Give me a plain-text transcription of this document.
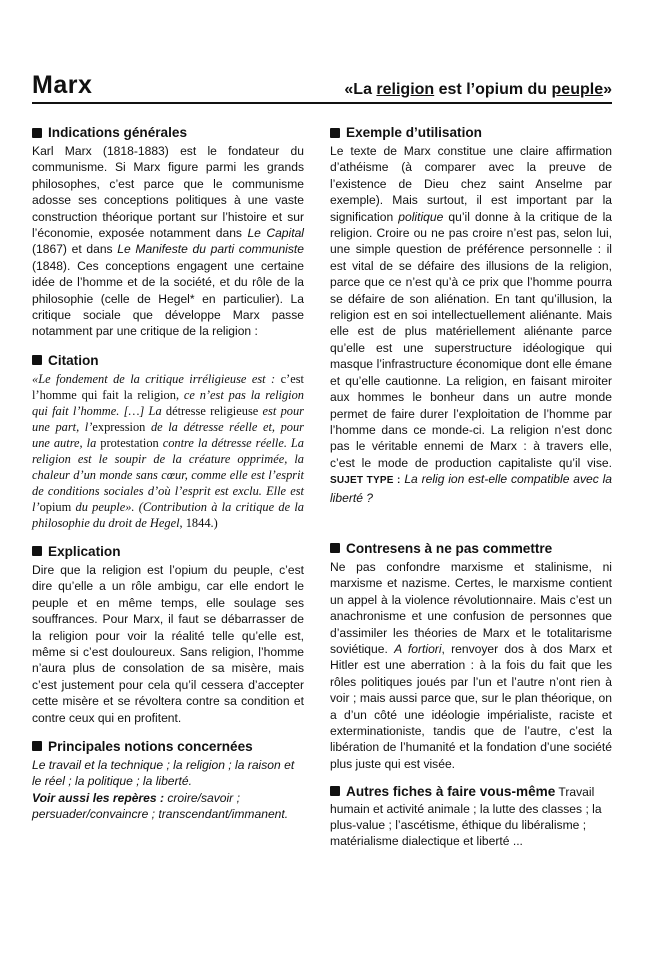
Marx	«La religion est l’opium du peuple»
Indications générales

Karl Marx (1818-1883) est le fondateur du communisme. Si Marx figure parmi les grands philosophes, c’est parce que le communisme adosse ses conceptions politiques à une vaste construction théorique portant sur l’histoire et sur l’économie, exposée notamment dans Le Capital (1867) et dans Le Manifeste du parti communiste (1848). Ces conceptions engagent une certaine idée de l’homme et de la société, et du rôle de la philosophie (celle de Hegel* en particulier). La critique sociale que développe Marx passe notamment par une critique de la religion :

Citation

«Le fondement de la critique irréligieuse est : c’est l’homme qui fait la religion, ce n’est pas la religion qui fait l’homme. […] La détresse religieuse est pour une part, l’expression de la détresse réelle et, pour une autre, la protestation contre la détresse réelle. La religion est le soupir de la créature opprimée, la chaleur d’un monde sans cœur, comme elle est l’esprit de conditions sociales d’où l’esprit est exclu. Elle est l’opium du peuple». (Contribution à la critique de la philosophie du droit de Hegel, 1844.)

Explication

Dire que la religion est l’opium du peuple, c’est dire qu’elle a un rôle ambigu, car elle endort le peuple et en même temps, elle soulage ses souffrances. Pour Marx, il faut se débarrasser de la religion pour voir la réalité telle qu’elle est, même si c’est douloureux. Sans religion, l’homme n’aura plus de consolation de sa misère, mais c’est justement pour cela qu’il cessera d’accepter cette misère et se révoltera contre sa condition et contre ceux qui en profitent.

Principales notions concernées

Le travail et la technique ; la religion ; la raison et le réel ; la politique ; la liberté.

Voir aussi les repères : croire/savoir ; persuader/convaincre ; transcendant/immanent.

Exemple d’utilisation

Le texte de Marx constitue une claire affirmation d’athéisme (à comparer avec la preuve de l’existence de Dieu chez saint Anselme par exemple). Mais surtout, il est important par la signification politique qu’il donne à la critique de la religion. Croire ou ne pas croire n’est pas, selon lui, une simple question de préférence personnelle : il est vital de se défaire des illusions de la religion, parce que ce n’est qu’à ce prix que l’homme pourra se défaire de son aliénation. En tant qu’illusion, la religion est en soi intellectuellement aliénante. Mais elle est de plus matériellement aliénante parce qu’elle est une superstructure idéologique qui masque l’infrastructure économique dont elle émane et qu’elle cautionne. La religion, en faisant miroiter aux hommes le bonheur dans un autre monde permet de faire durer l’exploitation de l’homme par l’homme dans ce monde-ci. La religion n’est donc pas le véritable ennemi de Marx : à travers elle, c’est le mode de production capitaliste qu’il vise. SUJET TYPE : La relig ion est-elle compatible avec la liberté ?

Contresens à ne pas commettre

Ne pas confondre marxisme et stalinisme, ni marxisme et nazisme. Certes, le marxisme contient un appel à la violence révolutionnaire. Mais c’est un anachronisme et une confusion de personnes que d’assimiler les théories de Marx et le totalitarisme soviétique. A fortiori, renvoyer dos à dos Marx et Hitler est une aberration : à la fois du fait que les rôles politiques joués par l’un et l’autre n’ont rien à voir ; mais aussi parce que, sur le plan théorique, on a d’un côté une idéologie impérialiste, raciste et exterminationiste, tandis que de l’autre, c’est la libération de l’humanité et la fondation d’une société plus juste qui est visée.

Autres fiches à faire vous-même Travail humain et activité animale ; la lutte des classes ; la plus-value ; l’ascétisme, éthique du libéralisme ; matérialisme dialectique et liberté ...
